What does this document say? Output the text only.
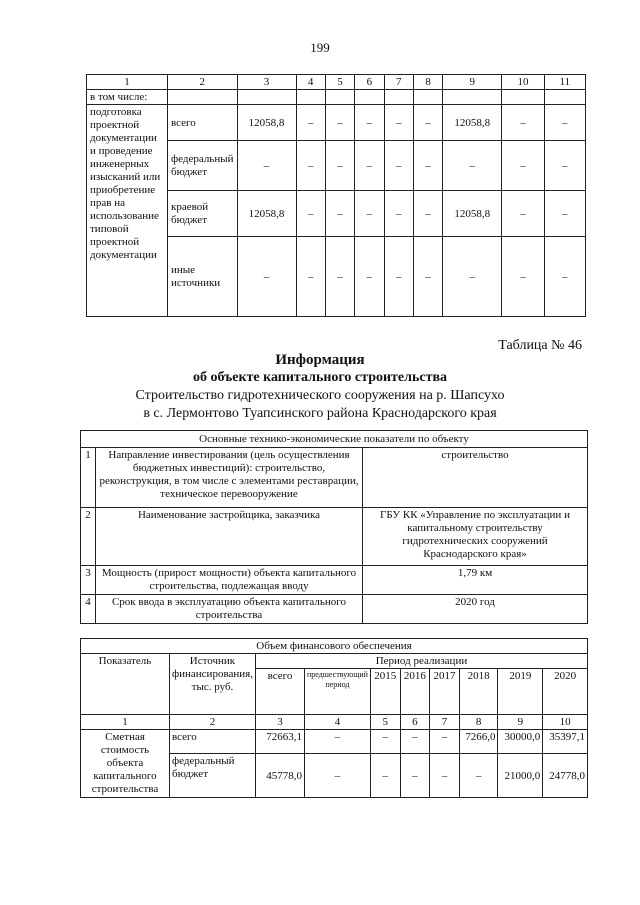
199
1	2	3	4	5	6	7	8	9	10	11
в том числе:										
подготовка проектной документации и проведение инженерных изысканий или приобретение прав на использование типовой проектной документации	всего	12058,8	–	–	–	–	–	12058,8	–	–
	федеральный бюджет	–	–	–	–	–	–	–	–	–
	краевой бюджет	12058,8	–	–	–	–	–	12058,8	–	–
	иные источники	–	–	–	–	–	–	–	–	–
Таблица № 46
Информация
об объекте капитального строительства
Строительство гидротехнического сооружения на р. Шапсухо
в с. Лермонтово Туапсинского района Краснодарского края
Основные технико-экономические показатели по объекту		
1	Направление инвестирования (цель осуществления бюджетных инвестиций): строительство, реконструкция, в том числе с элементами реставрации, техническое перевооружение	строительство
2	Наименование застройщика, заказчика	ГБУ КК «Управление по эксплуатации и капитальному строительству гидротехнических сооружений Краснодарского края»
3	Мощность (прирост мощности) объекта капитального строительства, подлежащая вводу	1,79 км
4	Срок ввода в эксплуатацию объекта капитального строительства	2020 год
Объем финансового обеспечения									
Показатель	Источник финансирования, тыс. руб.	Период реализации							
		всего	предшествующий период	2015	2016	2017	2018	2019	2020
1	2	3	4	5	6	7	8	9	10
Сметная стоимость объекта капитального строительства	всего	72663,1	–	–	–	–	7266,0	30000,0	35397,1
	федеральный бюджет	45778,0	–	–	–	–	–	21000,0	24778,0
